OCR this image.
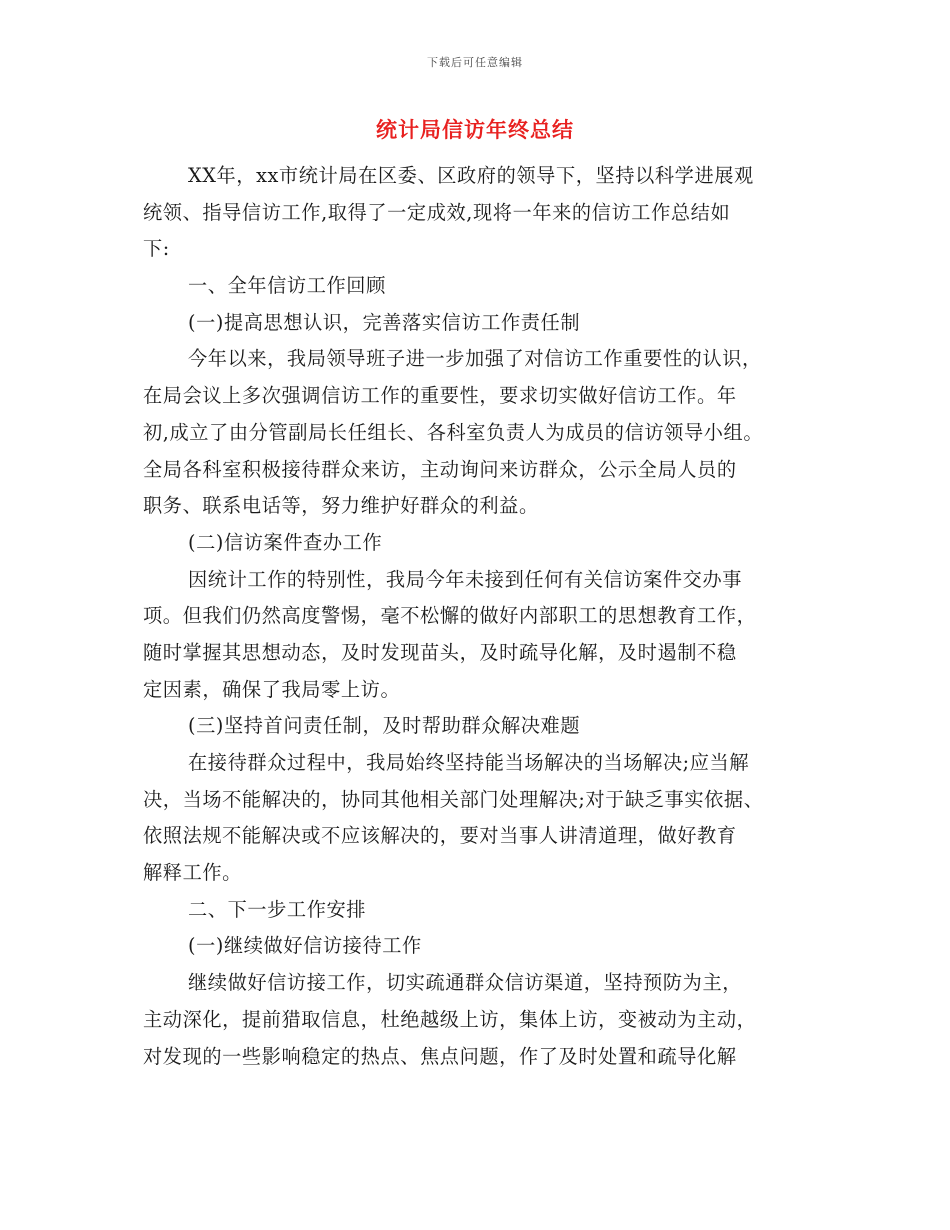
下载后可任意编辑
统计局信访年终总结
XX年，xx市统计局在区委、区政府的领导下，坚持以科学进展观
统领、指导信访工作,取得了一定成效,现将一年来的信访工作总结如
下:
一、全年信访工作回顾
(一)提高思想认识，完善落实信访工作责任制
今年以来，我局领导班子进一步加强了对信访工作重要性的认识，
在局会议上多次强调信访工作的重要性，要求切实做好信访工作。年
初,成立了由分管副局长任组长、各科室负责人为成员的信访领导小组。
全局各科室积极接待群众来访，主动询问来访群众，公示全局人员的
职务、联系电话等，努力维护好群众的利益。
(二)信访案件查办工作
因统计工作的特别性，我局今年未接到任何有关信访案件交办事
项。但我们仍然高度警惕，毫不松懈的做好内部职工的思想教育工作，
随时掌握其思想动态，及时发现苗头，及时疏导化解，及时遏制不稳
定因素，确保了我局零上访。
(三)坚持首问责任制，及时帮助群众解决难题
在接待群众过程中，我局始终坚持能当场解决的当场解决;应当解
决，当场不能解决的，协同其他相关部门处理解决;对于缺乏事实依据、
依照法规不能解决或不应该解决的，要对当事人讲清道理，做好教育
解释工作。
二、下一步工作安排
(一)继续做好信访接待工作
继续做好信访接工作，切实疏通群众信访渠道，坚持预防为主，
主动深化，提前猎取信息，杜绝越级上访，集体上访，变被动为主动，
对发现的一些影响稳定的热点、焦点问题，作了及时处置和疏导化解
